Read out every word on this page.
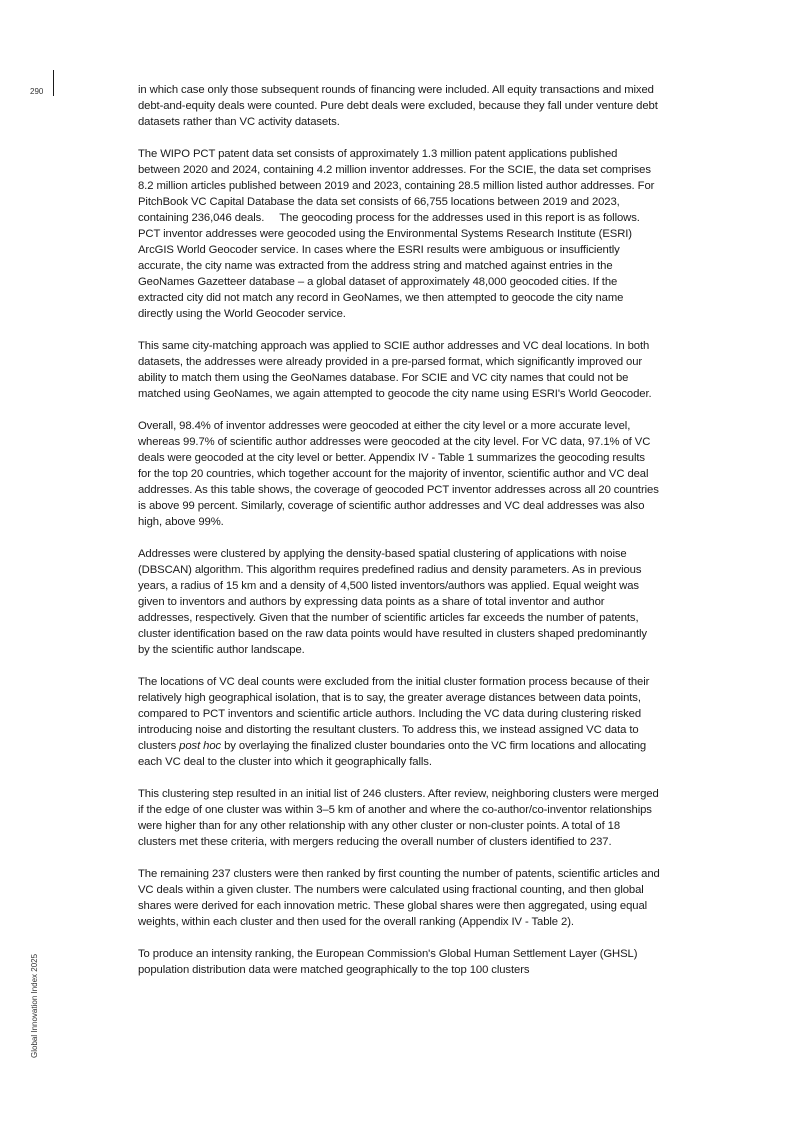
290
Global Innovation Index 2025

in which case only those subsequent rounds of financing were included. All equity transactions and mixed debt-and-equity deals were counted. Pure debt deals were excluded, because they fall under venture debt datasets rather than VC activity datasets.

The WIPO PCT patent data set consists of approximately 1.3 million patent applications published between 2020 and 2024, containing 4.2 million inventor addresses. For the SCIE, the data set comprises 8.2 million articles published between 2019 and 2023, containing 28.5 million listed author addresses. For PitchBook VC Capital Database the data set consists of 66,755 locations between 2019 and 2023, containing 236,046 deals.     The geocoding process for the addresses used in this report is as follows. PCT inventor addresses were geocoded using the Environmental Systems Research Institute (ESRI) ArcGIS World Geocoder service. In cases where the ESRI results were ambiguous or insufficiently accurate, the city name was extracted from the address string and matched against entries in the GeoNames Gazetteer database – a global dataset of approximately 48,000 geocoded cities. If the extracted city did not match any record in GeoNames, we then attempted to geocode the city name directly using the World Geocoder service.

This same city-matching approach was applied to SCIE author addresses and VC deal locations. In both datasets, the addresses were already provided in a pre-parsed format, which significantly improved our ability to match them using the GeoNames database. For SCIE and VC city names that could not be matched using GeoNames, we again attempted to geocode the city name using ESRI's World Geocoder.

Overall, 98.4% of inventor addresses were geocoded at either the city level or a more accurate level, whereas 99.7% of scientific author addresses were geocoded at the city level. For VC data, 97.1% of VC deals were geocoded at the city level or better. Appendix IV - Table 1 summarizes the geocoding results for the top 20 countries, which together account for the majority of inventor, scientific author and VC deal addresses. As this table shows, the coverage of geocoded PCT inventor addresses across all 20 countries is above 99 percent. Similarly, coverage of scientific author addresses and VC deal addresses was also high, above 99%.

Addresses were clustered by applying the density-based spatial clustering of applications with noise (DBSCAN) algorithm. This algorithm requires predefined radius and density parameters. As in previous years, a radius of 15 km and a density of 4,500 listed inventors/authors was applied. Equal weight was given to inventors and authors by expressing data points as a share of total inventor and author addresses, respectively. Given that the number of scientific articles far exceeds the number of patents, cluster identification based on the raw data points would have resulted in clusters shaped predominantly by the scientific author landscape.

The locations of VC deal counts were excluded from the initial cluster formation process because of their relatively high geographical isolation, that is to say, the greater average distances between data points, compared to PCT inventors and scientific article authors. Including the VC data during clustering risked introducing noise and distorting the resultant clusters. To address this, we instead assigned VC data to clusters post hoc by overlaying the finalized cluster boundaries onto the VC firm locations and allocating each VC deal to the cluster into which it geographically falls.

This clustering step resulted in an initial list of 246 clusters. After review, neighboring clusters were merged if the edge of one cluster was within 3–5 km of another and where the co-author/co-inventor relationships were higher than for any other relationship with any other cluster or non-cluster points. A total of 18 clusters met these criteria, with mergers reducing the overall number of clusters identified to 237.

The remaining 237 clusters were then ranked by first counting the number of patents, scientific articles and VC deals within a given cluster. The numbers were calculated using fractional counting, and then global shares were derived for each innovation metric. These global shares were then aggregated, using equal weights, within each cluster and then used for the overall ranking (Appendix IV - Table 2).

To produce an intensity ranking, the European Commission's Global Human Settlement Layer (GHSL) population distribution data were matched geographically to the top 100 clusters
